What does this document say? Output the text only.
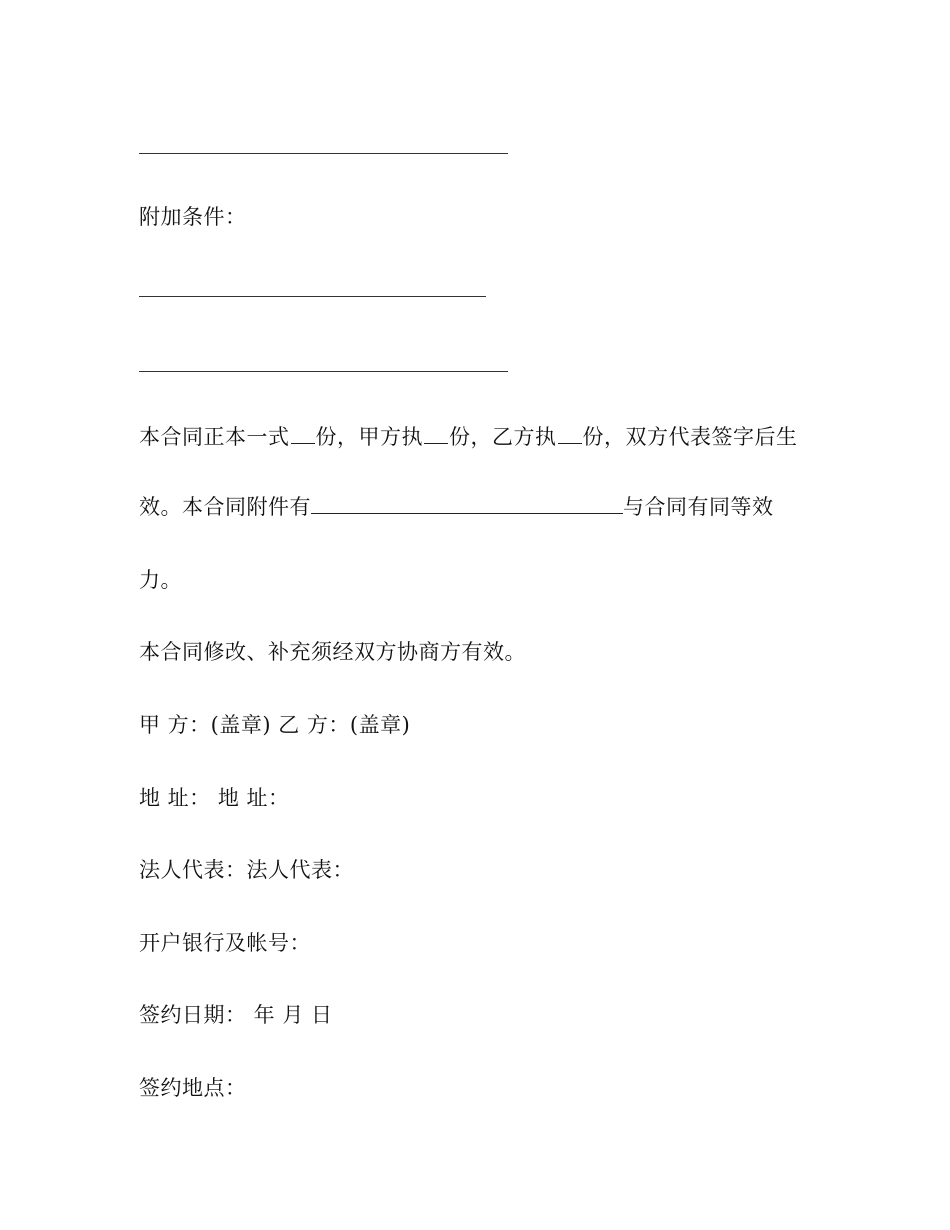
附加条件：
本合同正本一式 份，甲方执 份，乙方执 份，双方代表签字后生
效。本合同附件有	与合同有同等效
力。
本合同修改、补充须经双方协商方有效。
甲 方：(盖章) 乙 方：(盖章)
地 址： 地 址：
法人代表：法人代表：
开户银行及帐号：
签约日期： 年 月 日
签约地点：
